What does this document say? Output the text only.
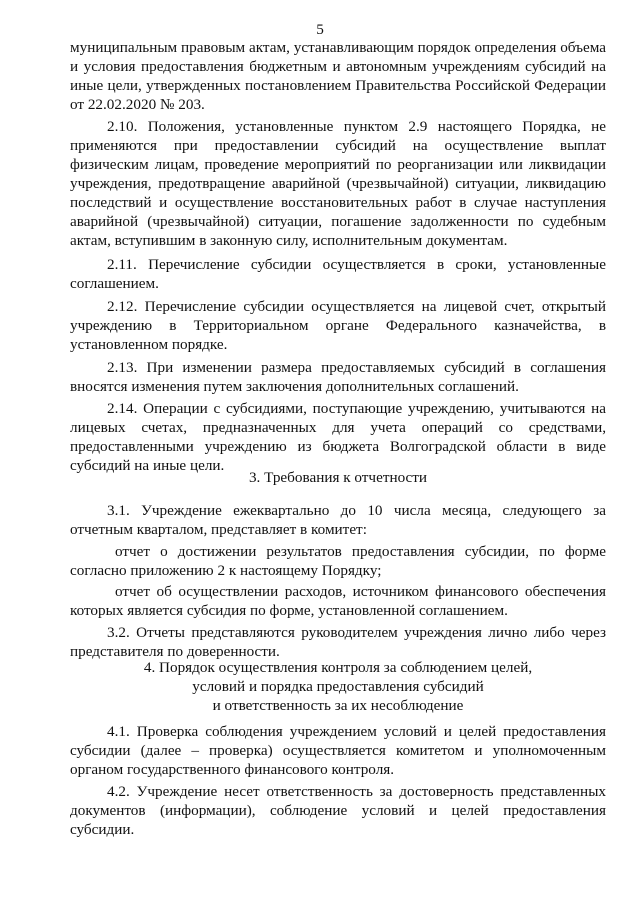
5

муниципальным правовым актам, устанавливающим порядок определения объема и условия предоставления бюджетным и автономным учреждениям субсидий на иные цели, утвержденных постановлением Правительства Российской Федерации от 22.02.2020 № 203.

2.10. Положения, установленные пунктом 2.9 настоящего Порядка, не применяются при предоставлении субсидий на осуществление выплат физическим лицам, проведение мероприятий по реорганизации или ликвидации учреждения, предотвращение аварийной (чрезвычайной) ситуации, ликвидацию последствий и осуществление восстановительных работ в случае наступления аварийной (чрезвычайной) ситуации, погашение задолженности по судебным актам, вступившим в законную силу, исполнительным документам.

2.11. Перечисление субсидии осуществляется в сроки, установленные соглашением.

2.12. Перечисление субсидии осуществляется на лицевой счет, открытый учреждению в Территориальном органе Федерального казначейства, в установленном порядке.

2.13. При изменении размера предоставляемых субсидий в соглашения вносятся изменения путем заключения дополнительных соглашений.

2.14. Операции с субсидиями, поступающие учреждению, учитываются на лицевых счетах, предназначенных для учета операций со средствами, предоставленными учреждению из бюджета Волгоградской области в виде субсидий на иные цели.

3. Требования к отчетности

3.1. Учреждение ежеквартально до 10 числа месяца, следующего за отчетным кварталом, представляет в комитет:

отчет о достижении результатов предоставления субсидии, по форме согласно приложению 2 к настоящему Порядку;

отчет об осуществлении расходов, источником финансового обеспечения которых является субсидия по форме, установленной соглашением.

3.2. Отчеты представляются руководителем учреждения лично либо через представителя по доверенности.

4. Порядок осуществления контроля за соблюдением целей,
условий и порядка предоставления субсидий
и ответственность за их несоблюдение

4.1. Проверка соблюдения учреждением условий и целей предоставления субсидии (далее – проверка) осуществляется комитетом и уполномоченным органом государственного финансового контроля.

4.2. Учреждение несет ответственность за достоверность представленных документов (информации), соблюдение условий и целей предоставления субсидии.
